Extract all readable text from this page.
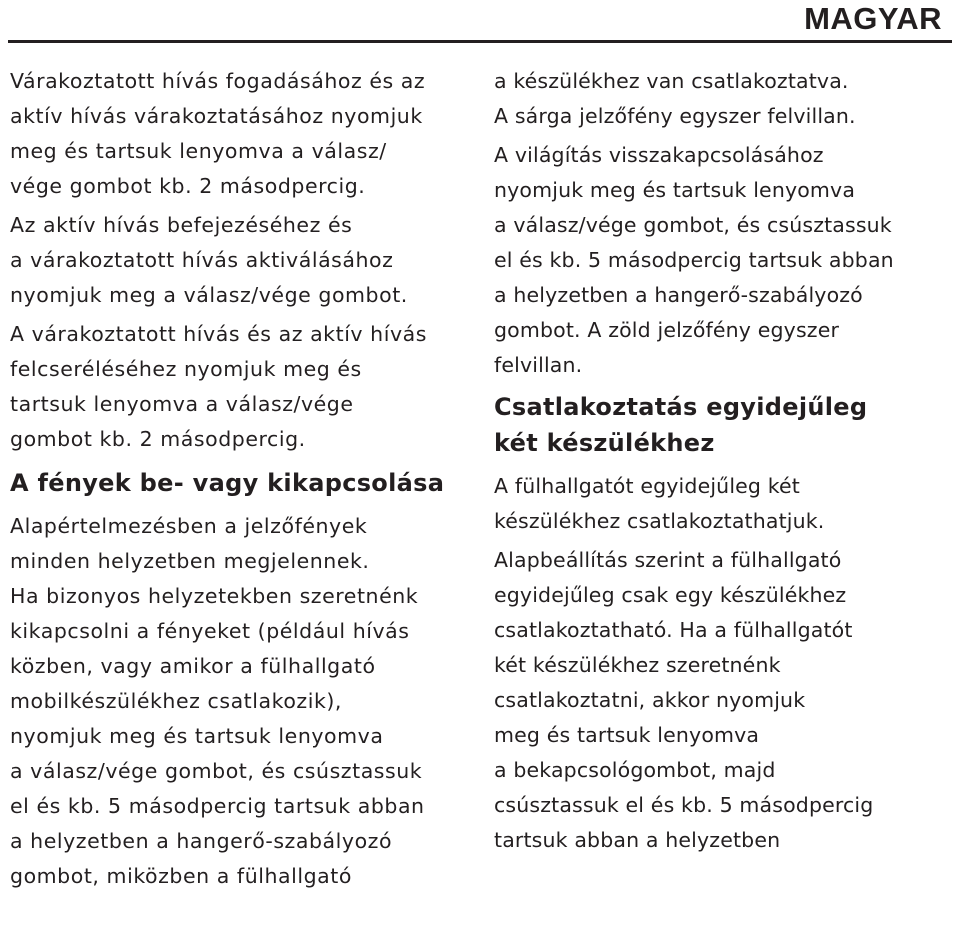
MAGYAR

Várakoztatott hívás fogadásához és az
aktív hívás várakoztatásához nyomjuk
meg és tartsuk lenyomva a válasz/
vége gombot kb. 2 másodpercig.

Az aktív hívás befejezéséhez és
a várakoztatott hívás aktiválásához
nyomjuk meg a válasz/vége gombot.

A várakoztatott hívás és az aktív hívás
felcseréléséhez nyomjuk meg és
tartsuk lenyomva a válasz/vége
gombot kb. 2 másodpercig.

A fények be- vagy kikapcsolása

Alapértelmezésben a jelzőfények
minden helyzetben megjelennek.
Ha bizonyos helyzetekben szeretnénk
kikapcsolni a fényeket (például hívás
közben, vagy amikor a fülhallgató
mobilkészülékhez csatlakozik),
nyomjuk meg és tartsuk lenyomva
a válasz/vége gombot, és csúsztassuk
el és kb. 5 másodpercig tartsuk abban
a helyzetben a hangerő-szabályozó
gombot, miközben a fülhallgató

a készülékhez van csatlakoztatva.
A sárga jelzőfény egyszer felvillan.

A világítás visszakapcsolásához
nyomjuk meg és tartsuk lenyomva
a válasz/vége gombot, és csúsztassuk
el és kb. 5 másodpercig tartsuk abban
a helyzetben a hangerő-szabályozó
gombot. A zöld jelzőfény egyszer
felvillan.

Csatlakoztatás egyidejűleg
két készülékhez

A fülhallgatót egyidejűleg két
készülékhez csatlakoztathatjuk.

Alapbeállítás szerint a fülhallgató
egyidejűleg csak egy készülékhez
csatlakoztatható. Ha a fülhallgatót
két készülékhez szeretnénk
csatlakoztatni, akkor nyomjuk
meg és tartsuk lenyomva
a bekapcsológombot, majd
csúsztassuk el és kb. 5 másodpercig
tartsuk abban a helyzetben
